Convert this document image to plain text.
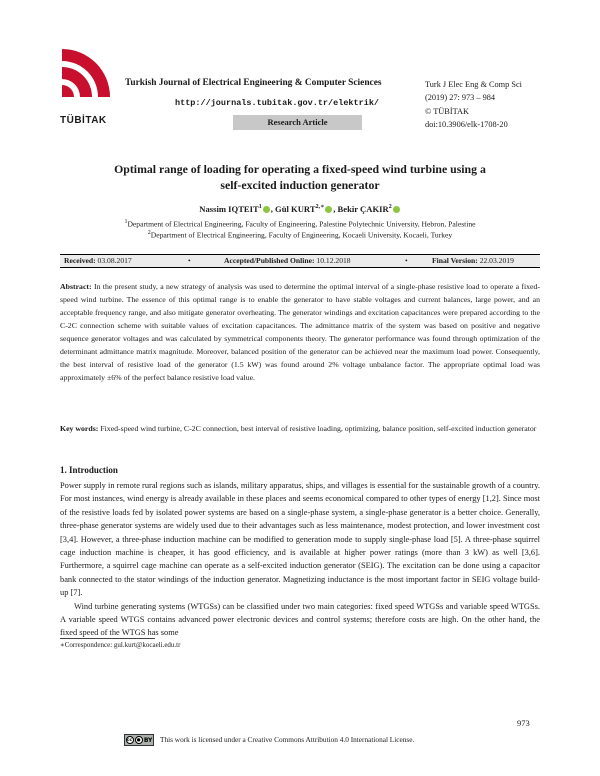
TÜBİTAK
Turkish Journal of Electrical Engineering & Computer Sciences
http://journals.tubitak.gov.tr/elektrik/
Research Article
Turk J Elec Eng & Comp Sci
(2019) 27: 973 – 984
© TÜBİTAK
doi:10.3906/elk-1708-20
Optimal range of loading for operating a fixed-speed wind turbine using a
self-excited induction generator
Nassim IQTEIT$^1$ , Gül $KURT^{2,∗}$ , Bekir ÇAKIR$^2$
$^1$Department of Electrical Engineering, Faculty of Engineering, Palestine Polytechnic University, Hebron, Palestine
$^2$Department of Electrical Engineering, Faculty of Engineering, Kocaeli University, Kocaeli, Turkey
Received: 03.08.2017	•	Accepted/Published Online: 10.12.2018	•	Final Version: 22.03.2019
Abstract: In the present study, a new strategy of analysis was used to determine the optimal interval of a single-phase resistive load to operate a fixed-speed wind turbine. The essence of this optimal range is to enable the generator to have stable voltages and current balances, large power, and an acceptable frequency range, and also mitigate generator overheating. The generator windings and excitation capacitances were prepared according to the C-2C connection scheme with suitable values of excitation capacitances. The admittance matrix of the system was based on positive and negative sequence generator voltages and was calculated by symmetrical components theory. The generator performance was found through optimization of the determinant admittance matrix magnitude. Moreover, balanced position of the generator can be achieved near the maximum load power. Consequently, the best interval of resistive load of the generator (1.5 kW) was found around 2% voltage unbalance factor. The appropriate optimal load was approximately ±6% of the perfect balance resistive load value.
Key words: Fixed-speed wind turbine, C-2C connection, best interval of resistive loading, optimizing, balance position, self-excited induction generator
1. Introduction

Power supply in remote rural regions such as islands, military apparatus, ships, and villages is essential for the sustainable growth of a country. For most instances, wind energy is already available in these places and seems economical compared to other types of energy [1,2]. Since most of the resistive loads fed by isolated power systems are based on a single-phase system, a single-phase generator is a better choice. Generally, three-phase generator systems are widely used due to their advantages such as less maintenance, modest protection, and lower investment cost [3,4]. However, a three-phase induction machine can be modified to generation mode to supply single-phase load [5]. A three-phase squirrel cage induction machine is cheaper, it has good efficiency, and is available at higher power ratings (more than 3 kW) as well [3,6]. Furthermore, a squirrel cage machine can operate as a self-excited induction generator (SEIG). The excitation can be done using a capacitor bank connected to the stator windings of the induction generator. Magnetizing inductance is the most important factor in SEIG voltage build-up [7].

Wind turbine generating systems (WTGSs) can be classified under two main categories: fixed speed WTGSs and variable speed WTGSs. A variable speed WTGS contains advanced power electronic devices and control systems; therefore costs are high. On the other hand, the fixed speed of the WTGS has some

∗Correspondence: gul.kurt@kocaeli.edu.tr
973
cc ● BY This work is licensed under a Creative Commons Attribution 4.0 International License.
